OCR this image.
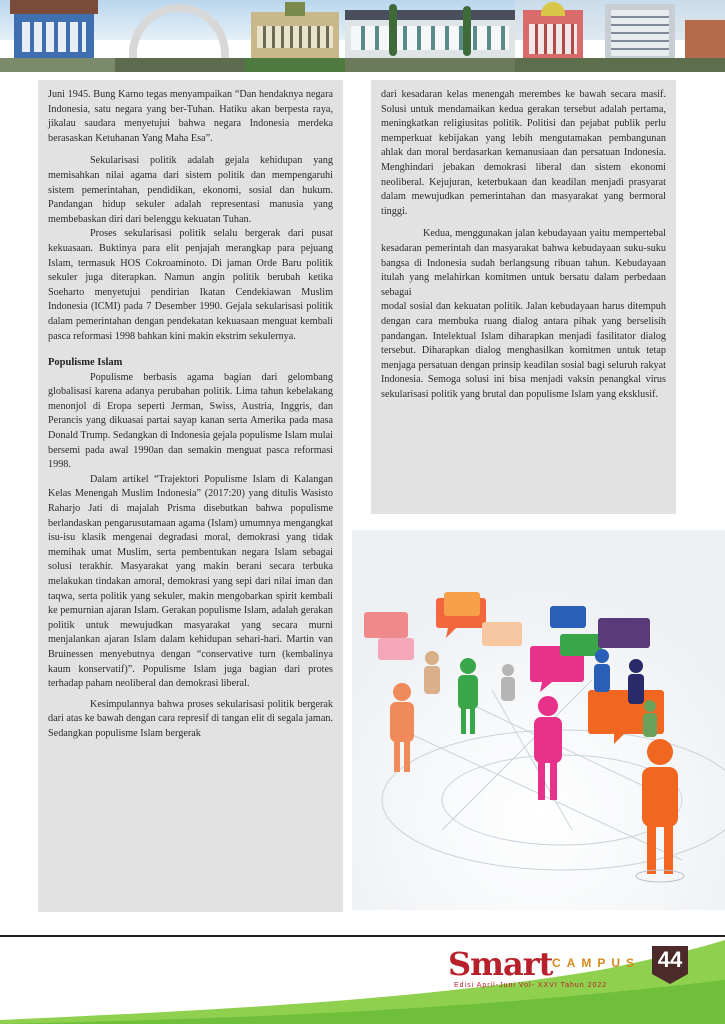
Juni 1945. Bung Karno tegas menyampaikan “Dan hendaknya negara Indonesia, satu negara yang ber-Tuhan. Hatiku akan berpesta raya, jikalau saudara menyetujui bahwa negara Indonesia merdeka berasaskan Ketuhanan Yang Maha Esa”.

Sekularisasi politik adalah gejala kehidupan yang memisahkan nilai agama dari sistem politik dan mempengaruhi sistem pemerintahan, pendidikan, ekonomi, sosial dan hukum. Pandangan hidup sekuler adalah representasi manusia yang membebaskan diri dari belenggu kekuatan Tuhan.

Proses sekularisasi politik selalu bergerak dari pusat kekuasaan. Buktinya para elit penjajah merangkap para pejuang Islam, termasuk HOS Cokroaminoto. Di jaman Orde Baru politik sekuler juga diterapkan. Namun angin politik berubah ketika Soeharto menyetujui pendirian Ikatan Cendekiawan Muslim Indonesia (ICMI) pada 7 Desember 1990. Gejala sekularisasi politik dalam pemerintahan dengan pendekatan kekuasaan menguat kembali pasca reformasi 1998 bahkan kini makin ekstrim sekulernya.

Populisme Islam

Populisme berbasis agama bagian dari gelombang globalisasi karena adanya perubahan politik. Lima tahun kebelakang menonjol di Eropa seperti Jerman, Swiss, Austria, Inggris, dan Perancis yang dikuasai partai sayap kanan serta Amerika pada masa Donald Trump. Sedangkan di Indonesia gejala populisme Islam mulai bersemi pada awal 1990an dan semakin menguat pasca reformasi 1998.

Dalam artikel “Trajektori Populisme Islam di Kalangan Kelas Menengah Muslim Indonesia” (2017:20) yang ditulis Wasisto Raharjo Jati di majalah Prisma disebutkan bahwa populisme berlandaskan pengarusutamaan agama (Islam) umumnya mengangkat isu-isu klasik mengenai degradasi moral, demokrasi yang tidak memihak umat Muslim, serta pembentukan negara Islam sebagai solusi terakhir. Masyarakat yang makin berani secara terbuka melakukan tindakan amoral, demokrasi yang sepi dari nilai iman dan taqwa, serta politik yang sekuler, makin mengobarkan spirit kembali ke pemurnian ajaran Islam. Gerakan populisme Islam, adalah gerakan politik untuk mewujudkan masyarakat yang secara murni menjalankan ajaran Islam dalam kehidupan sehari-hari. Martin van Bruinessen menyebutnya dengan “conservative turn (kembalinya kaum konservatif)”. Populisme Islam juga bagian dari protes terhadap paham neoliberal dan demokrasi liberal.

Kesimpulannya bahwa proses sekularisasi politik bergerak dari atas ke bawah dengan cara represif di tangan elit di segala jaman. Sedangkan populisme Islam bergerak

dari kesadaran kelas menengah merembes ke bawah secara masif. Solusi untuk mendamaikan kedua gerakan tersebut adalah pertama, meningkatkan religiusitas politik. Politisi dan pejabat publik perlu memperkuat kebijakan yang lebih mengutamakan pembangunan ahlak dan moral berdasarkan kemanusiaan dan persatuan Indonesia. Menghindari jebakan demokrasi liberal dan sistem ekonomi neoliberal. Kejujuran, keterbukaan dan keadilan menjadi prasyarat dalam mewujudkan pemerintahan dan masyarakat yang bermoral tinggi.

Kedua, menggunakan jalan kebudayaan yaitu mempertebal kesadaran pemerintah dan masyarakat bahwa kebudayaan suku-suku bangsa di Indonesia sudah berlangsung ribuan tahun. Kebudayaan itulah yang melahirkan komitmen untuk bersatu dalam perbedaan sebagai

modal sosial dan kekuatan politik. Jalan kebudayaan harus ditempuh dengan cara membuka ruang dialog antara pihak yang berselisih pandangan. Intelektual Islam diharapkan menjadi fasilitator dialog tersebut. Diharapkan dialog menghasilkan komitmen untuk tetap menjaga persatuan dengan prinsip keadilan sosial bagi seluruh rakyat Indonesia. Semoga solusi ini bisa menjadi vaksin penangkal virus sekularisasi politik yang brutal dan populisme Islam yang eksklusif.

Smart CAMPUS
Edisi April-Juni Vol- XXVI Tahun 2022
44
